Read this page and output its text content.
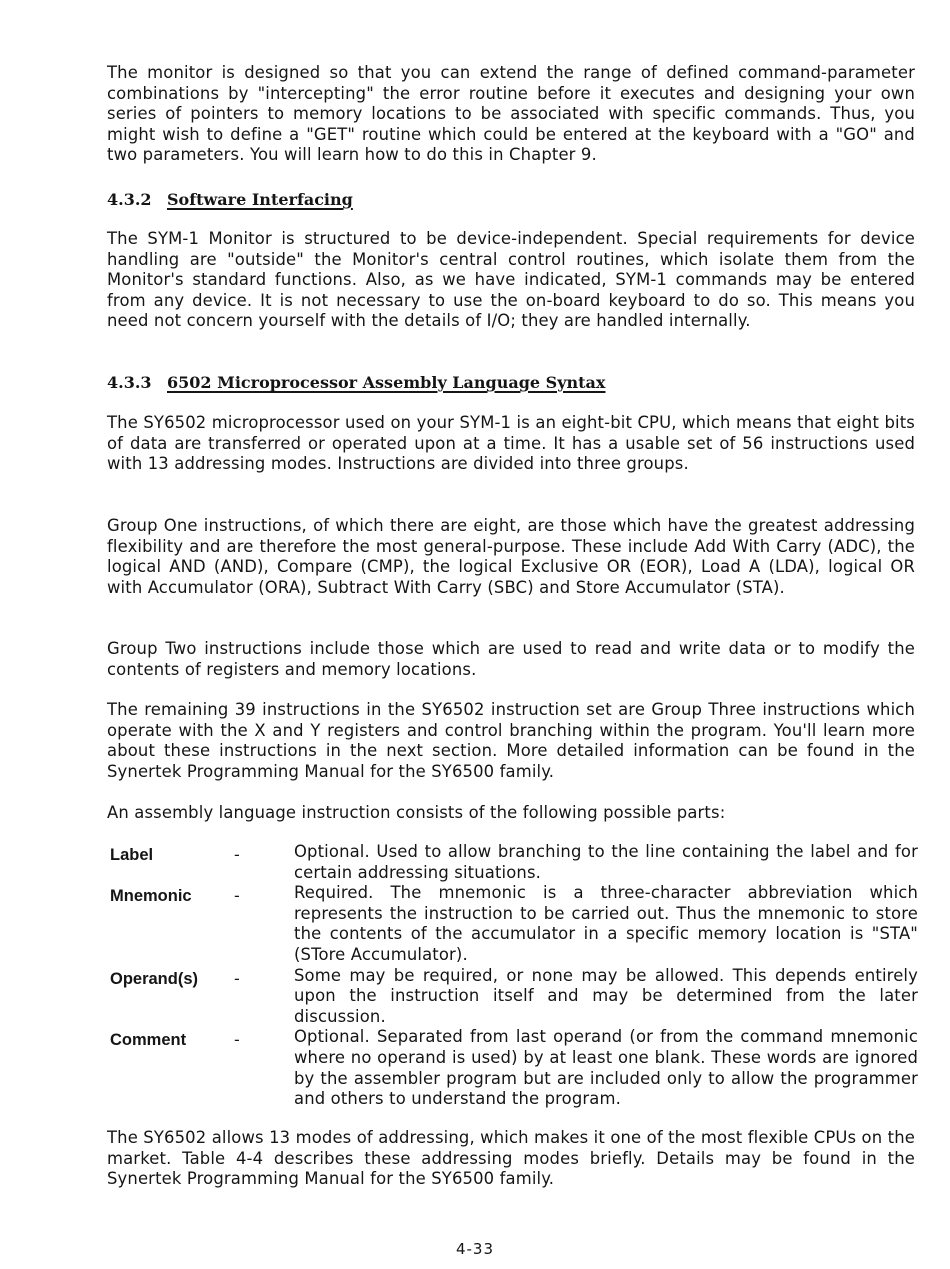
The monitor is designed so that you can extend the range of defined command-parameter combinations by "intercepting" the error routine before it executes and designing your own series of pointers to memory locations to be associated with specific commands. Thus, you might wish to define a "GET" routine which could be entered at the keyboard with a "GO" and two parameters. You will learn how to do this in Chapter 9.

4.3.2 Software Interfacing

The SYM-1 Monitor is structured to be device-independent. Special requirements for device handling are "outside" the Monitor's central control routines, which isolate them from the Monitor's standard functions. Also, as we have indicated, SYM-1 commands may be entered from any device. It is not necessary to use the on-board keyboard to do so. This means you need not concern yourself with the details of I/O; they are handled internally.

4.3.3 6502 Microprocessor Assembly Language Syntax

The SY6502 microprocessor used on your SYM-1 is an eight-bit CPU, which means that eight bits of data are transferred or operated upon at a time. It has a usable set of 56 instructions used with 13 addressing modes. Instructions are divided into three groups.

Group One instructions, of which there are eight, are those which have the greatest addressing flexibility and are therefore the most general-purpose. These include Add With Carry (ADC), the logical AND (AND), Compare (CMP), the logical Exclusive OR (EOR), Load A (LDA), logical OR with Accumulator (ORA), Subtract With Carry (SBC) and Store Accumulator (STA).

Group Two instructions include those which are used to read and write data or to modify the contents of registers and memory locations.

The remaining 39 instructions in the SY6502 instruction set are Group Three instructions which operate with the X and Y registers and control branching within the program. You'll learn more about these instructions in the next section. More detailed information can be found in the Synertek Programming Manual for the SY6500 family.

An assembly language instruction consists of the following possible parts:

Label	-	Optional. Used to allow branching to the line containing the label and for certain addressing situations.
Mnemonic	-	Required. The mnemonic is a three-character abbreviation which represents the instruction to be carried out. Thus the mnemonic to store the contents of the accumulator in a specific memory location is "STA" (STore Accumulator).
Operand(s)	-	Some may be required, or none may be allowed. This depends entirely upon the instruction itself and may be determined from the later discussion.
Comment	-	Optional. Separated from last operand (or from the command mnemonic where no operand is used) by at least one blank. These words are ignored by the assembler program but are included only to allow the programmer and others to understand the program.

The SY6502 allows 13 modes of addressing, which makes it one of the most flexible CPUs on the market. Table 4-4 describes these addressing modes briefly. Details may be found in the Synertek Programming Manual for the SY6500 family.

4-33
